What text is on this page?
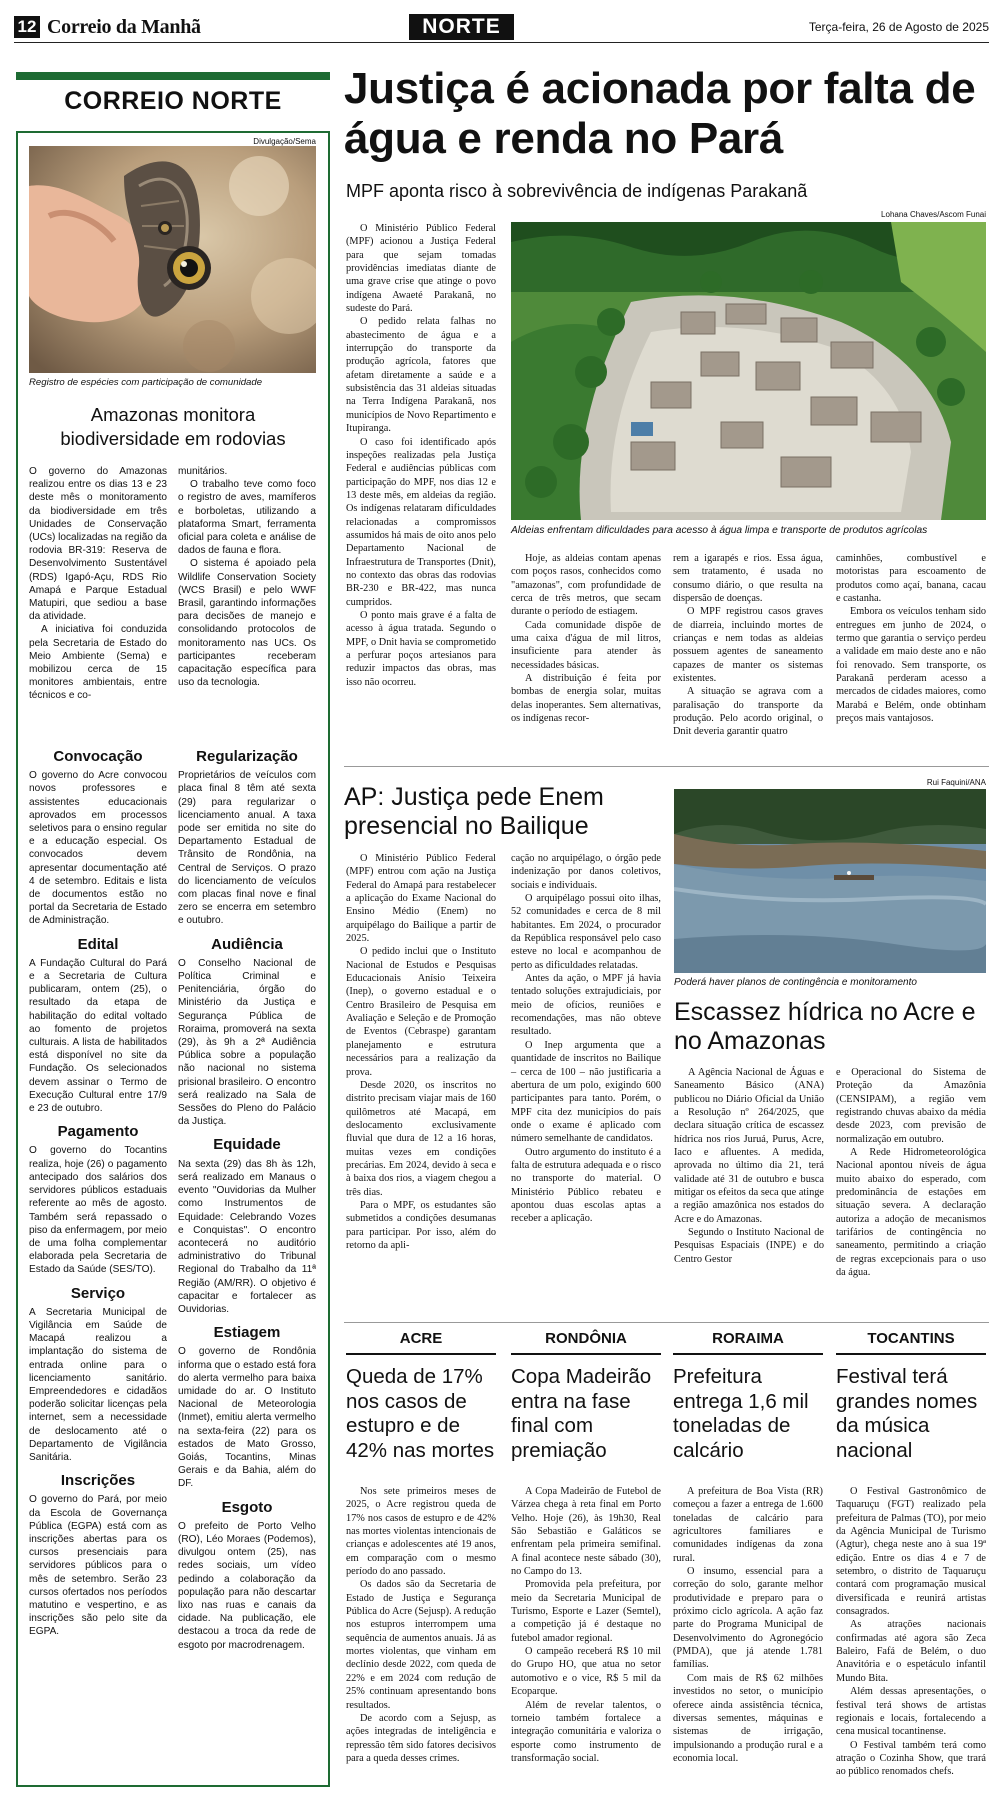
12 Correio da Manhã	NORTE	Terça-feira, 26 de Agosto de 2025
CORREIO NORTE
Divulgação/Sema
Registro de espécies com participação de comunidade
Amazonas monitora biodiversidade em rodovias

O governo do Amazonas realizou entre os dias 13 e 23 deste mês o monitoramento da biodiversidade em três Unidades de Conservação (UCs) localizadas na região da rodovia BR-319: Reserva de Desenvolvimento Sustentável (RDS) Igapó-Açu, RDS Rio Amapá e Parque Estadual Matupiri, que sediou a base da atividade.

A iniciativa foi conduzida pela Secretaria de Estado do Meio Ambiente (Sema) e mobilizou cerca de 15 monitores ambientais, entre técnicos e co-

munitários.

O trabalho teve como foco o registro de aves, mamíferos e borboletas, utilizando a plataforma Smart, ferramenta oficial para coleta e análise de dados de fauna e flora.

O sistema é apoiado pela Wildlife Conservation Society (WCS Brasil) e pelo WWF Brasil, garantindo informações para decisões de manejo e consolidando protocolos de monitoramento nas UCs. Os participantes receberam capacitação específica para uso da tecnologia.

Convocação

O governo do Acre convocou novos professores e assistentes educacionais aprovados em processos seletivos para o ensino regular e a educação especial. Os convocados devem apresentar documentação até 4 de setembro. Editais e lista de documentos estão no portal da Secretaria de Estado de Administração.

Edital

A Fundação Cultural do Pará e a Secretaria de Cultura publicaram, ontem (25), o resultado da etapa de habilitação do edital voltado ao fomento de projetos culturais. A lista de habilitados está disponível no site da Fundação. Os selecionados devem assinar o Termo de Execução Cultural entre 17/9 e 23 de outubro.

Pagamento

O governo do Tocantins realiza, hoje (26) o pagamento antecipado dos salários dos servidores públicos estaduais referente ao mês de agosto. Também será repassado o piso da enfermagem, por meio de uma folha complementar elaborada pela Secretaria de Estado da Saúde (SES/TO).

Serviço

A Secretaria Municipal de Vigilância em Saúde de Macapá realizou a implantação do sistema de entrada online para o licenciamento sanitário. Empreendedores e cidadãos poderão solicitar licenças pela internet, sem a necessidade de deslocamento até o Departamento de Vigilância Sanitária.

Inscrições

O governo do Pará, por meio da Escola de Governança Pública (EGPA) está com as inscrições abertas para os cursos presenciais para servidores públicos para o mês de setembro. Serão 23 cursos ofertados nos períodos matutino e vespertino, e as inscrições são pelo site da EGPA.

Regularização

Proprietários de veículos com placa final 8 têm até sexta (29) para regularizar o licenciamento anual. A taxa pode ser emitida no site do Departamento Estadual de Trânsito de Rondônia, na Central de Serviços. O prazo do licenciamento de veículos com placas final nove e final zero se encerra em setembro e outubro.

Audiência

O Conselho Nacional de Política Criminal e Penitenciária, órgão do Ministério da Justiça e Segurança Pública de Roraima, promoverá na sexta (29), às 9h a 2ª Audiência Pública sobre a população não nacional no sistema prisional brasileiro. O encontro será realizado na Sala de Sessões do Pleno do Palácio da Justiça.

Equidade

Na sexta (29) das 8h às 12h, será realizado em Manaus o evento "Ouvidorias da Mulher como Instrumentos de Equidade: Celebrando Vozes e Conquistas". O encontro acontecerá no auditório administrativo do Tribunal Regional do Trabalho da 11ª Região (AM/RR). O objetivo é capacitar e fortalecer as Ouvidorias.

Estiagem

O governo de Rondônia informa que o estado está fora do alerta vermelho para baixa umidade do ar. O Instituto Nacional de Meteorologia (Inmet), emitiu alerta vermelho na sexta-feira (22) para os estados de Mato Grosso, Goiás, Tocantins, Minas Gerais e da Bahia, além do DF.

Esgoto

O prefeito de Porto Velho (RO), Léo Moraes (Podemos), divulgou ontem (25), nas redes sociais, um vídeo pedindo a colaboração da população para não descartar lixo nas ruas e canais da cidade. Na publicação, ele destacou a troca da rede de esgoto por macrodrenagem.

Justiça é acionada por falta de água e renda no Pará
MPF aponta risco à sobrevivência de indígenas Parakanã

O Ministério Público Federal (MPF) acionou a Justiça Federal para que sejam tomadas providências imediatas diante de uma grave crise que atinge o povo indígena Awaeté Parakanã, no sudeste do Pará.

O pedido relata falhas no abastecimento de água e a interrupção do transporte da produção agrícola, fatores que afetam diretamente a saúde e a subsistência das 31 aldeias situadas na Terra Indígena Parakanã, nos municípios de Novo Repartimento e Itupiranga.

O caso foi identificado após inspeções realizadas pela Justiça Federal e audiências públicas com participação do MPF, nos dias 12 e 13 deste mês, em aldeias da região. Os indígenas relataram dificuldades relacionadas a compromissos assumidos há mais de oito anos pelo Departamento Nacional de Infraestrutura de Transportes (Dnit), no contexto das obras das rodovias BR-230 e BR-422, mas nunca cumpridos.

O ponto mais grave é a falta de acesso à água tratada. Segundo o MPF, o Dnit havia se comprometido a perfurar poços artesianos para reduzir impactos das obras, mas isso não ocorreu.

Lohana Chaves/Ascom Funai
Aldeias enfrentam dificuldades para acesso à água limpa e transporte de produtos agrícolas

Hoje, as aldeias contam apenas com poços rasos, conhecidos como "amazonas", com profundidade de cerca de três metros, que secam durante o período de estiagem.

Cada comunidade dispõe de uma caixa d'água de mil litros, insuficiente para atender às necessidades básicas.

A distribuição é feita por bombas de energia solar, muitas delas inoperantes. Sem alternativas, os indígenas recor-

rem a igarapés e rios. Essa água, sem tratamento, é usada no consumo diário, o que resulta na dispersão de doenças.

O MPF registrou casos graves de diarreia, incluindo mortes de crianças e nem todas as aldeias possuem agentes de saneamento capazes de manter os sistemas existentes.

A situação se agrava com a paralisação do transporte da produção. Pelo acordo original, o Dnit deveria garantir quatro

caminhões, combustível e motoristas para escoamento de produtos como açaí, banana, cacau e castanha.

Embora os veículos tenham sido entregues em junho de 2024, o termo que garantia o serviço perdeu a validade em maio deste ano e não foi renovado. Sem transporte, os Parakanã perderam acesso a mercados de cidades maiores, como Marabá e Belém, onde obtinham preços mais vantajosos.

AP: Justiça pede Enem presencial no Bailique

O Ministério Público Federal (MPF) entrou com ação na Justiça Federal do Amapá para restabelecer a aplicação do Exame Nacional do Ensino Médio (Enem) no arquipélago do Bailique a partir de 2025.

O pedido inclui que o Instituto Nacional de Estudos e Pesquisas Educacionais Anísio Teixeira (Inep), o governo estadual e o Centro Brasileiro de Pesquisa em Avaliação e Seleção e de Promoção de Eventos (Cebraspe) garantam planejamento e estrutura necessários para a realização da prova.

Desde 2020, os inscritos no distrito precisam viajar mais de 160 quilômetros até Macapá, em deslocamento exclusivamente fluvial que dura de 12 a 16 horas, muitas vezes em condições precárias. Em 2024, devido à seca e à baixa dos rios, a viagem chegou a três dias.

Para o MPF, os estudantes são submetidos a condições desumanas para participar. Por isso, além do retorno da apli-

cação no arquipélago, o órgão pede indenização por danos coletivos, sociais e individuais.

O arquipélago possui oito ilhas, 52 comunidades e cerca de 8 mil habitantes. Em 2024, o procurador da República responsável pelo caso esteve no local e acompanhou de perto as dificuldades relatadas.

Antes da ação, o MPF já havia tentado soluções extrajudiciais, por meio de ofícios, reuniões e recomendações, mas não obteve resultado.

O Inep argumenta que a quantidade de inscritos no Bailique – cerca de 100 – não justificaria a abertura de um polo, exigindo 600 participantes para tanto. Porém, o MPF cita dez municípios do país onde o exame é aplicado com número semelhante de candidatos.

Outro argumento do instituto é a falta de estrutura adequada e o risco no transporte do material. O Ministério Público rebateu e apontou duas escolas aptas a receber a aplicação.

Rui Faquini/ANA
Poderá haver planos de contingência e monitoramento
Escassez hídrica no Acre e no Amazonas

A Agência Nacional de Águas e Saneamento Básico (ANA) publicou no Diário Oficial da União a Resolução nº 264/2025, que declara situação crítica de escassez hídrica nos rios Juruá, Purus, Acre, Iaco e afluentes. A medida, aprovada no último dia 21, terá validade até 31 de outubro e busca mitigar os efeitos da seca que atinge a região amazônica nos estados do Acre e do Amazonas.

Segundo o Instituto Nacional de Pesquisas Espaciais (INPE) e do Centro Gestor

e Operacional do Sistema de Proteção da Amazônia (CENSIPAM), a região vem registrando chuvas abaixo da média desde 2023, com previsão de normalização em outubro.

A Rede Hidrometeorológica Nacional apontou níveis de água muito abaixo do esperado, com predominância de estações em situação severa. A declaração autoriza a adoção de mecanismos tarifários de contingência no saneamento, permitindo a criação de regras excepcionais para o uso da água.

ACRE
Queda de 17% nos casos de estupro e de 42% nas mortes

Nos sete primeiros meses de 2025, o Acre registrou queda de 17% nos casos de estupro e de 42% nas mortes violentas intencionais de crianças e adolescentes até 19 anos, em comparação com o mesmo período do ano passado.

Os dados são da Secretaria de Estado de Justiça e Segurança Pública do Acre (Sejusp). A redução nos estupros interrompem uma sequência de aumentos anuais. Já as mortes violentas, que vinham em declínio desde 2022, com queda de 22% e em 2024 com redução de 25% continuam apresentando bons resultados.

De acordo com a Sejusp, as ações integradas de inteligência e repressão têm sido fatores decisivos para a queda desses crimes.

RONDÔNIA
Copa Madeirão entra na fase final com premiação

A Copa Madeirão de Futebol de Várzea chega à reta final em Porto Velho. Hoje (26), às 19h30, Real São Sebastião e Galáticos se enfrentam pela primeira semifinal. A final acontece neste sábado (30), no Campo do 13.

Promovida pela prefeitura, por meio da Secretaria Municipal de Turismo, Esporte e Lazer (Semtel), a competição já é destaque no futebol amador regional.

O campeão receberá R$ 10 mil do Grupo HO, que atua no setor automotivo e o vice, R$ 5 mil da Ecoparque.

Além de revelar talentos, o torneio também fortalece a integração comunitária e valoriza o esporte como instrumento de transformação social.

RORAIMA
Prefeitura entrega 1,6 mil toneladas de calcário

A prefeitura de Boa Vista (RR) começou a fazer a entrega de 1.600 toneladas de calcário para agricultores familiares e comunidades indígenas da zona rural.

O insumo, essencial para a correção do solo, garante melhor produtividade e preparo para o próximo ciclo agrícola. A ação faz parte do Programa Municipal de Desenvolvimento do Agronegócio (PMDA), que já atende 1.781 famílias.

Com mais de R$ 62 milhões investidos no setor, o município oferece ainda assistência técnica, diversas sementes, máquinas e sistemas de irrigação, impulsionando a produção rural e a economia local.

TOCANTINS
Festival terá grandes nomes da música nacional

O Festival Gastronômico de Taquaruçu (FGT) realizado pela prefeitura de Palmas (TO), por meio da Agência Municipal de Turismo (Agtur), chega neste ano à sua 19ª edição. Entre os dias 4 e 7 de setembro, o distrito de Taquaruçu contará com programação musical diversificada e reunirá artistas consagrados.

As atrações nacionais confirmadas até agora são Zeca Baleiro, Fafá de Belém, o duo Anavitória e o espetáculo infantil Mundo Bita.

Além dessas apresentações, o festival terá shows de artistas regionais e locais, fortalecendo a cena musical tocantinense.

O Festival também terá como atração o Cozinha Show, que trará ao público renomados chefs.
